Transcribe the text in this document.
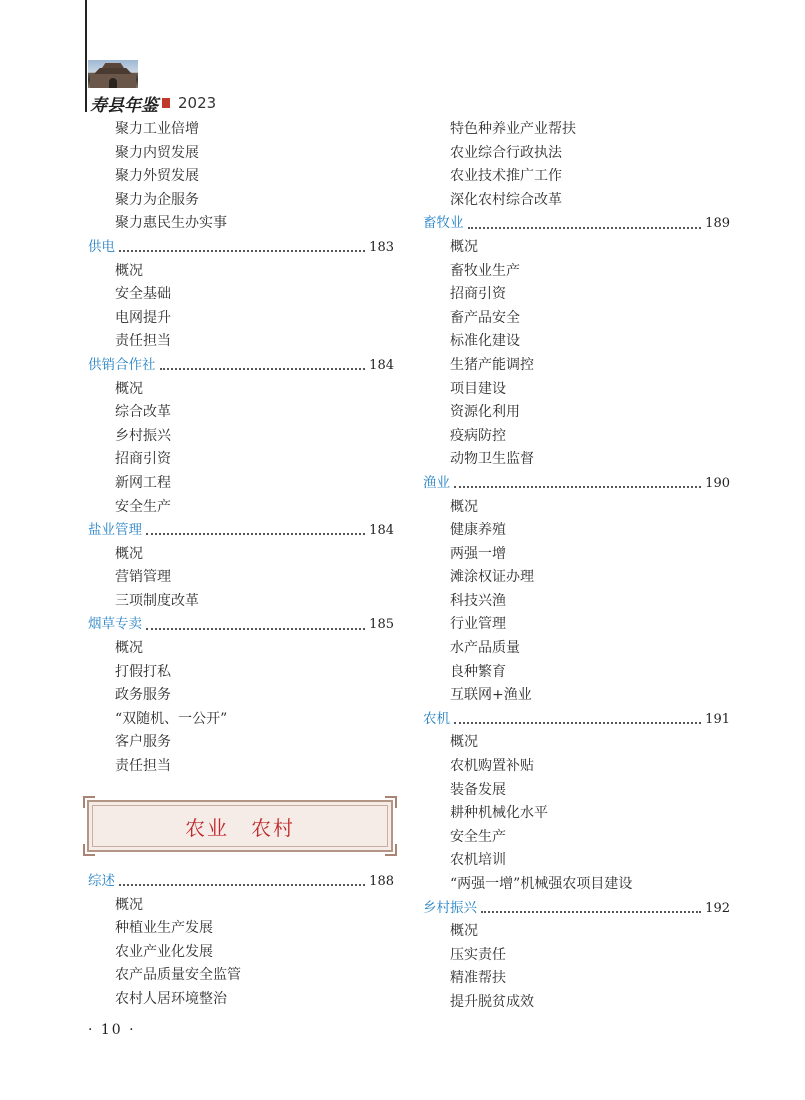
寿县年鉴 2023
聚力工业倍增
聚力内贸发展
聚力外贸发展
聚力为企服务
聚力惠民生办实事
供电	183
概况
安全基础
电网提升
责任担当
供销合作社	184
概况
综合改革
乡村振兴
招商引资
新网工程
安全生产
盐业管理	184
概况
营销管理
三项制度改革
烟草专卖	185
概况
打假打私
政务服务
“双随机、一公开”
客户服务
责任担当
农业　农村
综述	188
概况
种植业生产发展
农业产业化发展
农产品质量安全监管
农村人居环境整治
特色种养业产业帮扶
农业综合行政执法
农业技术推广工作
深化农村综合改革
畜牧业	189
概况
畜牧业生产
招商引资
畜产品安全
标准化建设
生猪产能调控
项目建设
资源化利用
疫病防控
动物卫生监督
渔业	190
概况
健康养殖
两强一增
滩涂权证办理
科技兴渔
行业管理
水产品质量
良种繁育
互联网+渔业
农机	191
概况
农机购置补贴
装备发展
耕种机械化水平
安全生产
农机培训
“两强一增”机械强农项目建设
乡村振兴	192
概况
压实责任
精准帮扶
提升脱贫成效
· 10 ·
